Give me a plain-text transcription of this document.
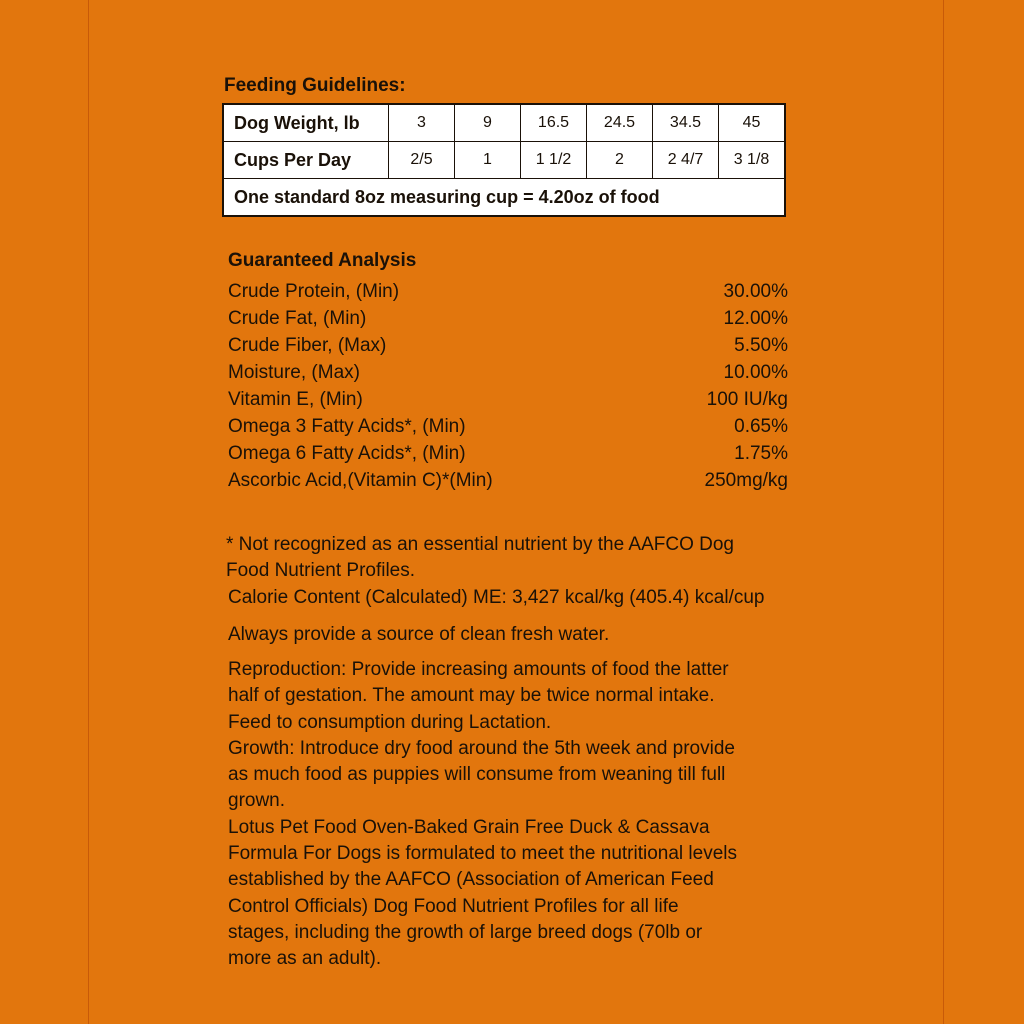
Feeding Guidelines:
Dog Weight, lb	3	9	16.5	24.5	34.5	45
Cups Per Day	2/5	1	1 1/2	2	2 4/7	3 1/8
One standard 8oz measuring cup = 4.20oz of food						
Guaranteed Analysis
Crude Protein, (Min)	30.00%
Crude Fat, (Min)	12.00%
Crude Fiber, (Max)	5.50%
Moisture, (Max)	10.00%
Vitamin E, (Min)	100 IU/kg
Omega 3 Fatty Acids*, (Min)	0.65%
Omega 6 Fatty Acids*, (Min)	1.75%
Ascorbic Acid,(Vitamin C)*(Min)	250mg/kg
* Not recognized as an essential nutrient by the AAFCO Dog
Food Nutrient Profiles.

Calorie Content (Calculated) ME: 3,427 kcal/kg (405.4) kcal/cup

Always provide a source of clean fresh water.

Reproduction: Provide increasing amounts of food the latter
half of gestation. The amount may be twice normal intake.
Feed to consumption during Lactation.
Growth: Introduce dry food around the 5th week and provide
as much food as puppies will consume from weaning till full
grown.
Lotus Pet Food Oven-Baked Grain Free Duck & Cassava
Formula For Dogs is formulated to meet the nutritional levels
established by the AAFCO (Association of American Feed
Control Officials) Dog Food Nutrient Profiles for all life
stages, including the growth of large breed dogs (70lb or
more as an adult).
